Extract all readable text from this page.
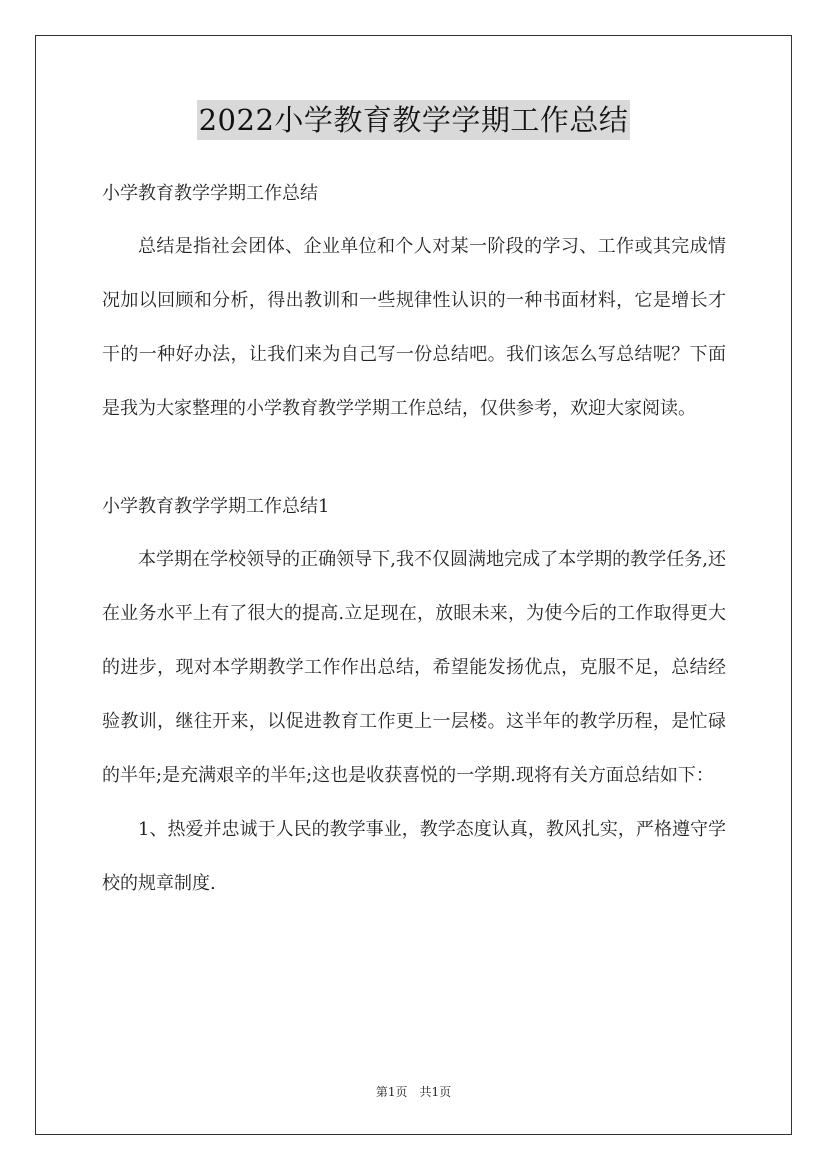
2022小学教育教学学期工作总结
小学教育教学学期工作总结

总结是指社会团体、企业单位和个人对某一阶段的学习、工作或其完成情况加以回顾和分析，得出教训和一些规律性认识的一种书面材料，它是增长才干的一种好办法，让我们来为自己写一份总结吧。我们该怎么写总结呢？下面是我为大家整理的小学教育教学学期工作总结，仅供参考，欢迎大家阅读。

小学教育教学学期工作总结1

本学期在学校领导的正确领导下,我不仅圆满地完成了本学期的教学任务,还在业务水平上有了很大的提高.立足现在，放眼未来，为使今后的工作取得更大的进步，现对本学期教学工作作出总结，希望能发扬优点，克服不足，总结经验教训，继往开来，以促进教育工作更上一层楼。这半年的教学历程，是忙碌的半年;是充满艰辛的半年;这也是收获喜悦的一学期.现将有关方面总结如下：

1、热爱并忠诚于人民的教学事业，教学态度认真，教风扎实，严格遵守学校的规章制度.

第1页 共1页
